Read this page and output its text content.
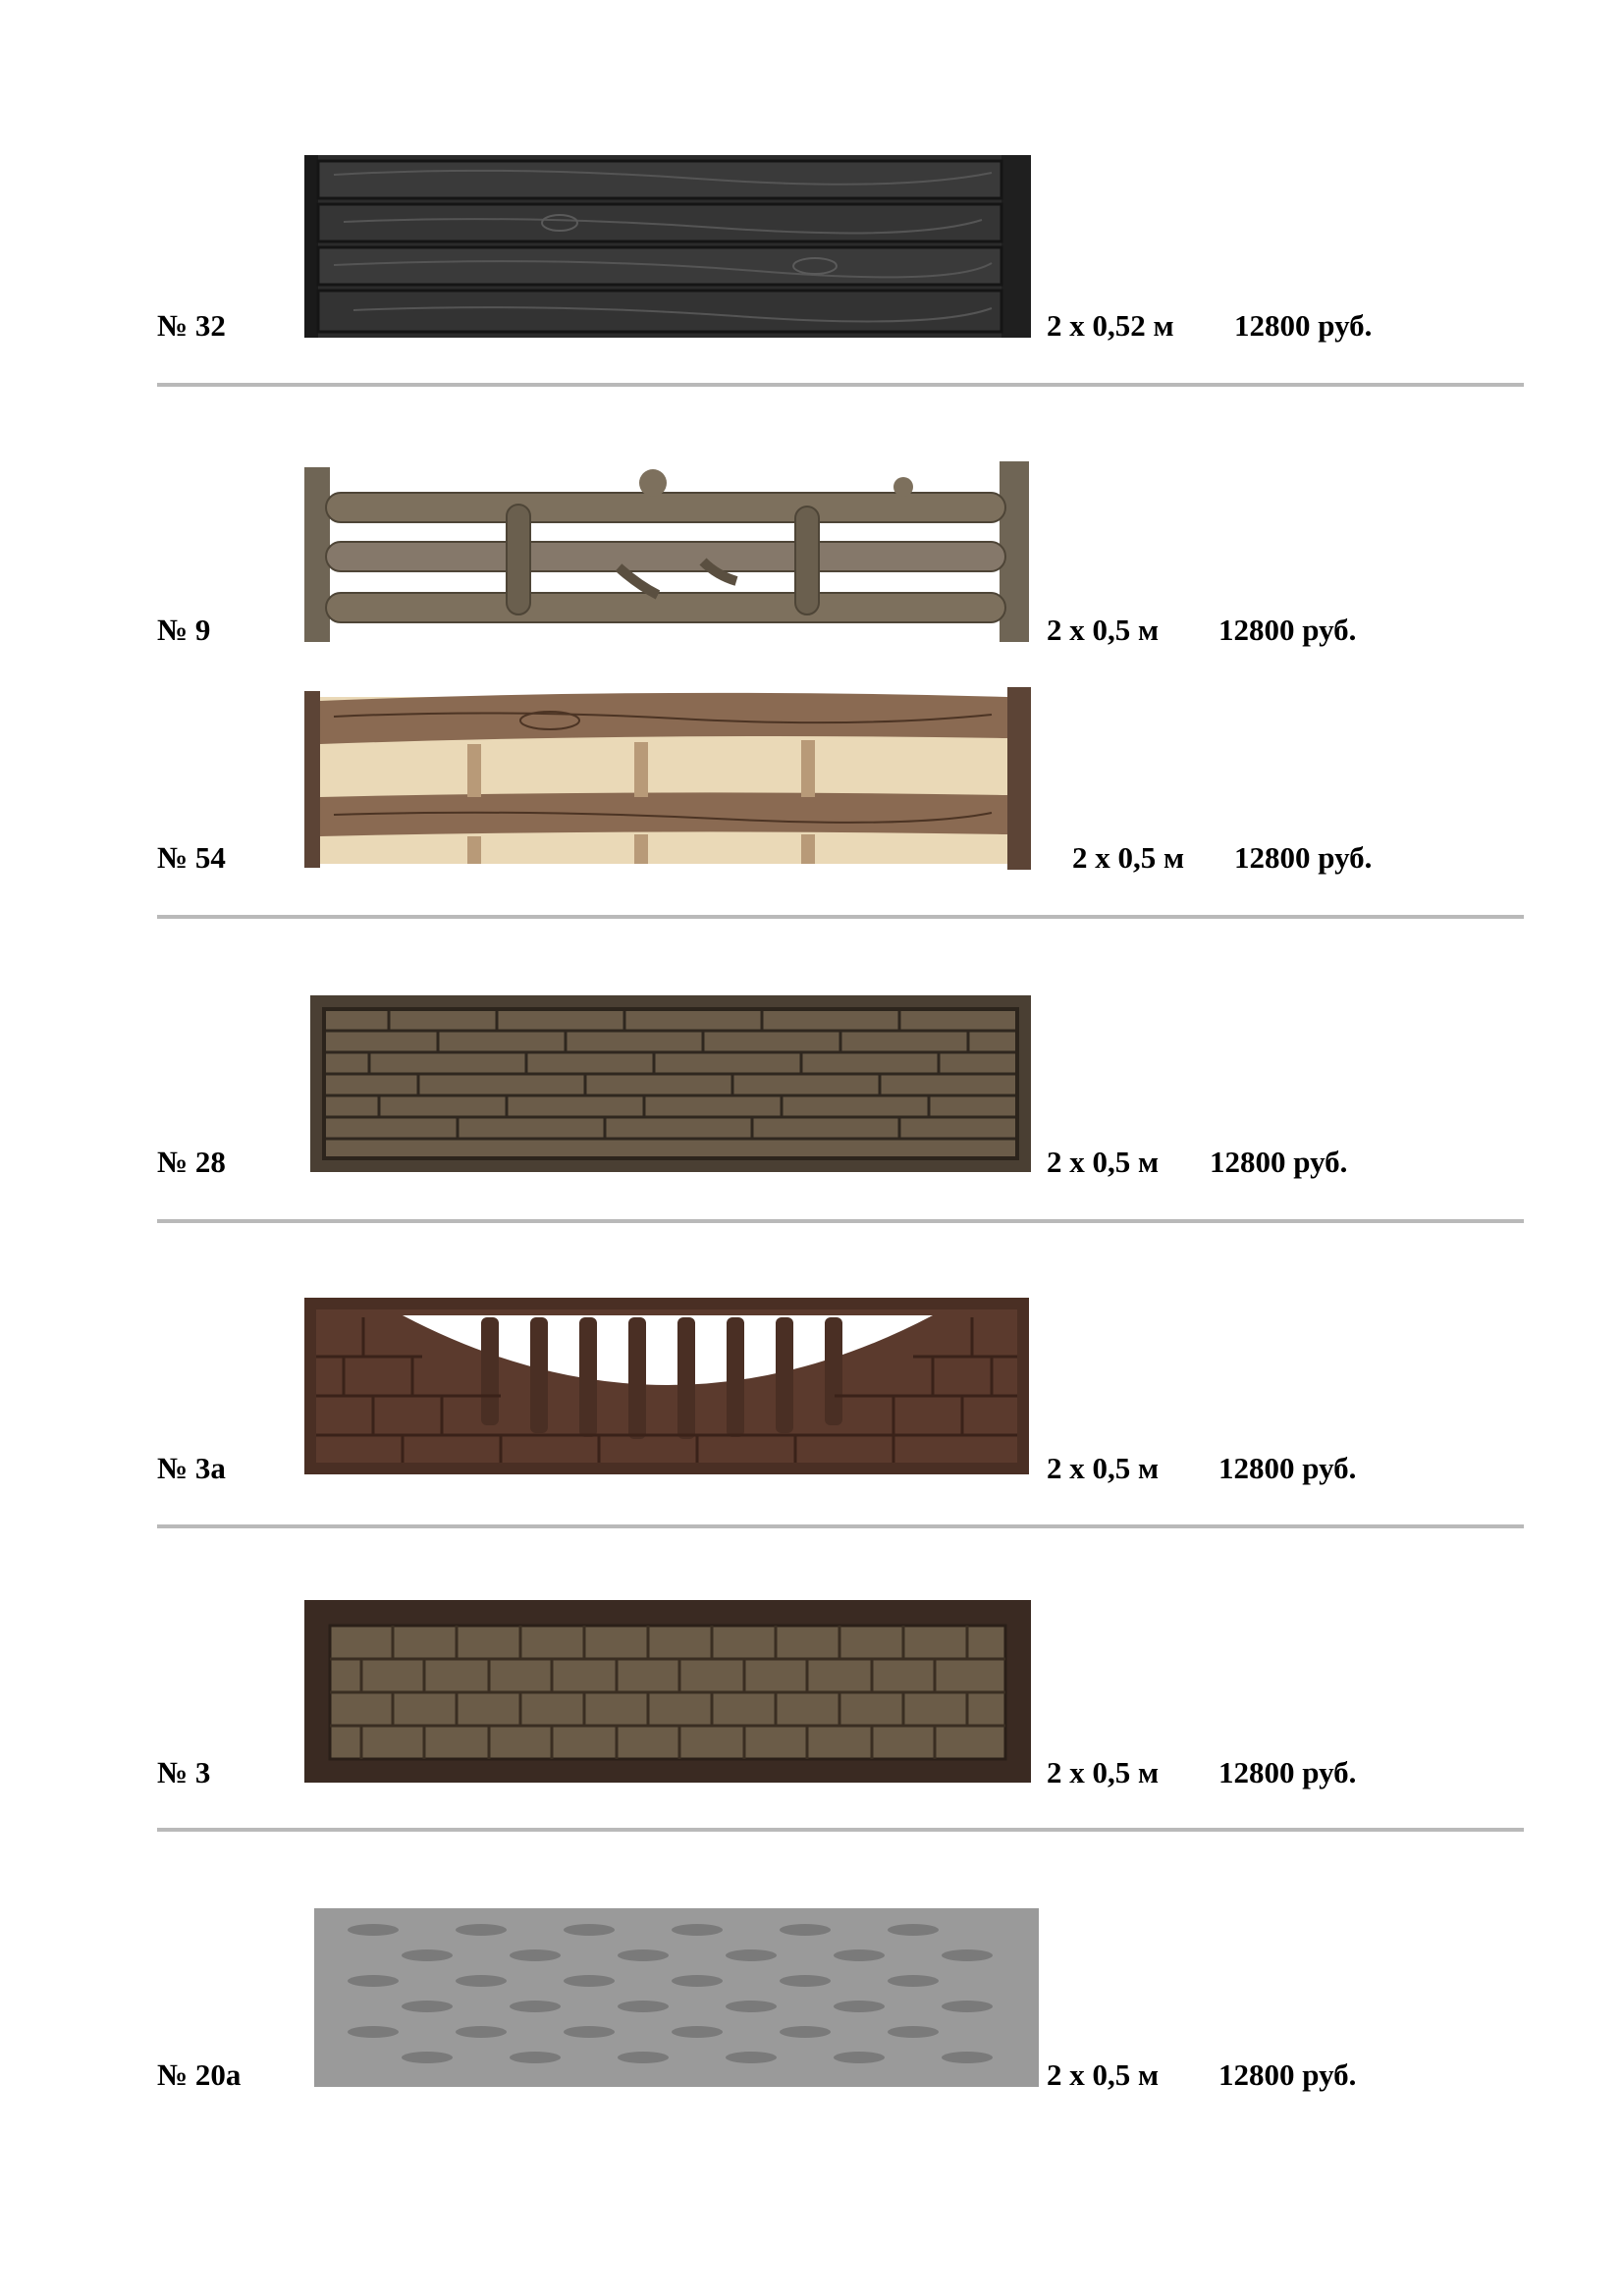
№ 32	2 х 0,52 м 12800 руб.
№ 9	2 х 0,5 м 12800 руб.
№ 54	2 х 0,5 м 12800 руб.
№ 28	2 х 0,5 м 12800 руб.
№ 3а	2 х 0,5 м 12800 руб.
№ 3	2 х 0,5 м 12800 руб.
№ 20а	2 х 0,5 м 12800 руб.
